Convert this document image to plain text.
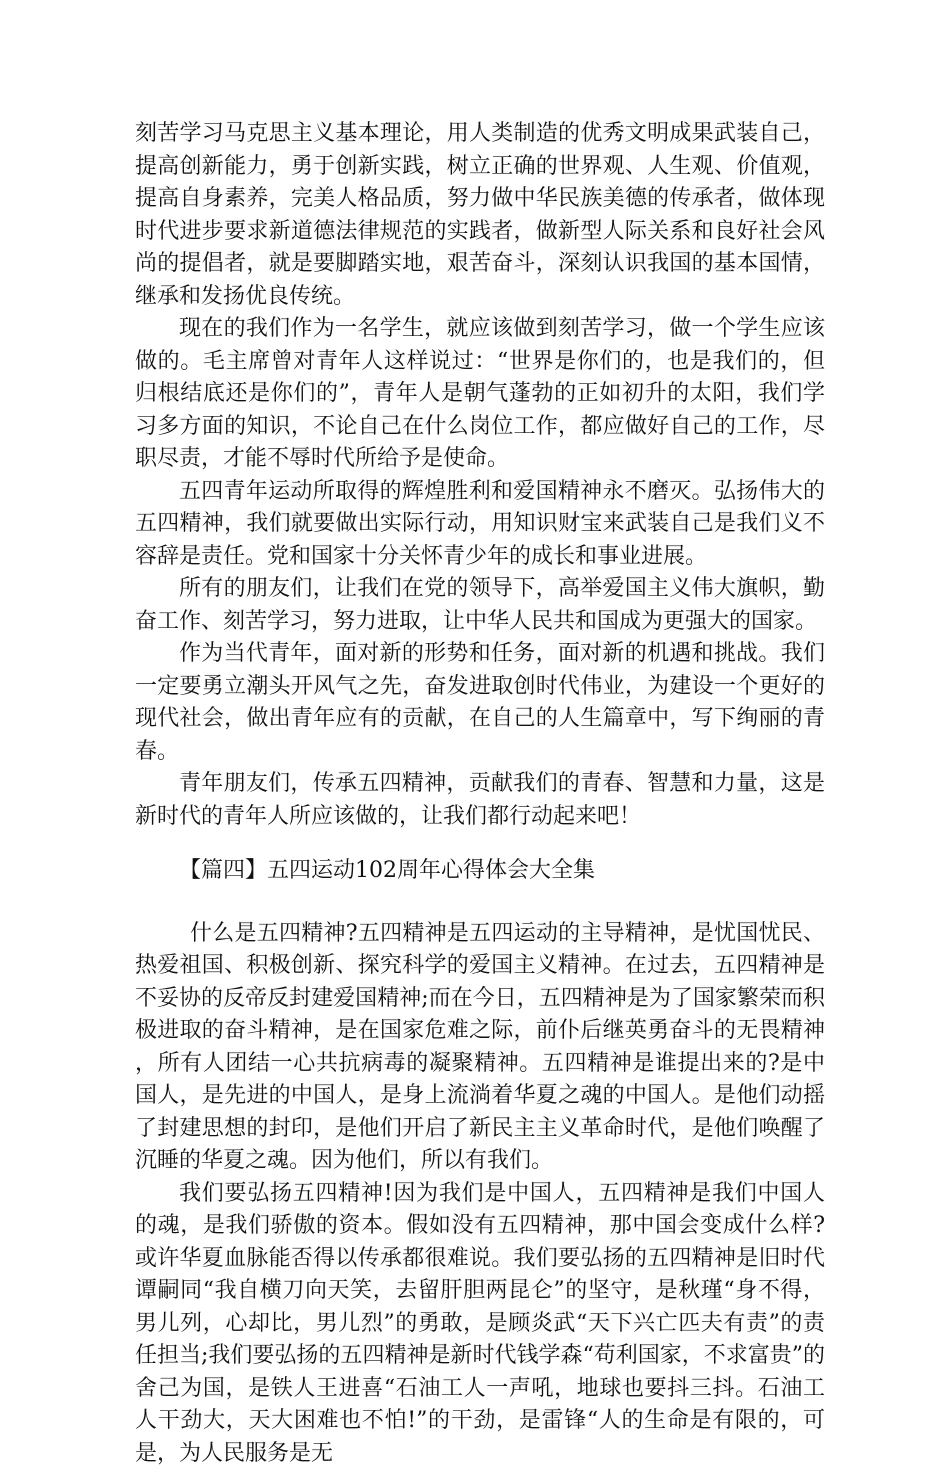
刻苦学习马克思主义基本理论，用人类制造的优秀文明成果武装自己，提高创新能力，勇于创新实践，树立正确的世界观、人生观、价值观，提高自身素养，完美人格品质，努力做中华民族美德的传承者，做体现时代进步要求新道德法律规范的实践者，做新型人际关系和良好社会风尚的提倡者，就是要脚踏实地，艰苦奋斗，深刻认识我国的基本国情，继承和发扬优良传统。

现在的我们作为一名学生，就应该做到刻苦学习，做一个学生应该做的。毛主席曾对青年人这样说过：“世界是你们的，也是我们的，但归根结底还是你们的”，青年人是朝气蓬勃的正如初升的太阳，我们学习多方面的知识，不论自己在什么岗位工作，都应做好自己的工作，尽职尽责，才能不辱时代所给予是使命。

五四青年运动所取得的辉煌胜利和爱国精神永不磨灭。弘扬伟大的五四精神，我们就要做出实际行动，用知识财宝来武装自己是我们义不容辞是责任。党和国家十分关怀青少年的成长和事业进展。

所有的朋友们，让我们在党的领导下，高举爱国主义伟大旗帜，勤奋工作、刻苦学习，努力进取，让中华人民共和国成为更强大的国家。

作为当代青年，面对新的形势和任务，面对新的机遇和挑战。我们一定要勇立潮头开风气之先，奋发进取创时代伟业，为建设一个更好的现代社会，做出青年应有的贡献，在自己的人生篇章中，写下绚丽的青春。

青年朋友们，传承五四精神，贡献我们的青春、智慧和力量，这是新时代的青年人所应该做的，让我们都行动起来吧！

【篇四】五四运动102周年心得体会大全集

什么是五四精神?五四精神是五四运动的主导精神，是忧国忧民、热爱祖国、积极创新、探究科学的爱国主义精神。在过去，五四精神是不妥协的反帝反封建爱国精神;而在今日，五四精神是为了国家繁荣而积极进取的奋斗精神，是在国家危难之际，前仆后继英勇奋斗的无畏精神，所有人团结一心共抗病毒的凝聚精神。五四精神是谁提出来的?是中国人，是先进的中国人，是身上流淌着华夏之魂的中国人。是他们动摇了封建思想的封印，是他们开启了新民主主义革命时代，是他们唤醒了沉睡的华夏之魂。因为他们，所以有我们。

我们要弘扬五四精神!因为我们是中国人，五四精神是我们中国人的魂，是我们骄傲的资本。假如没有五四精神，那中国会变成什么样?或许华夏血脉能否得以传承都很难说。我们要弘扬的五四精神是旧时代谭嗣同“我自横刀向天笑，去留肝胆两昆仑”的坚守，是秋瑾“身不得，男儿列，心却比，男儿烈”的勇敢，是顾炎武“天下兴亡匹夫有责”的责任担当;我们要弘扬的五四精神是新时代钱学森“苟利国家，不求富贵”的舍己为国，是铁人王进喜“石油工人一声吼，地球也要抖三抖。石油工人干劲大，天大困难也不怕!”的干劲，是雷锋“人的生命是有限的，可是，为人民服务是无
